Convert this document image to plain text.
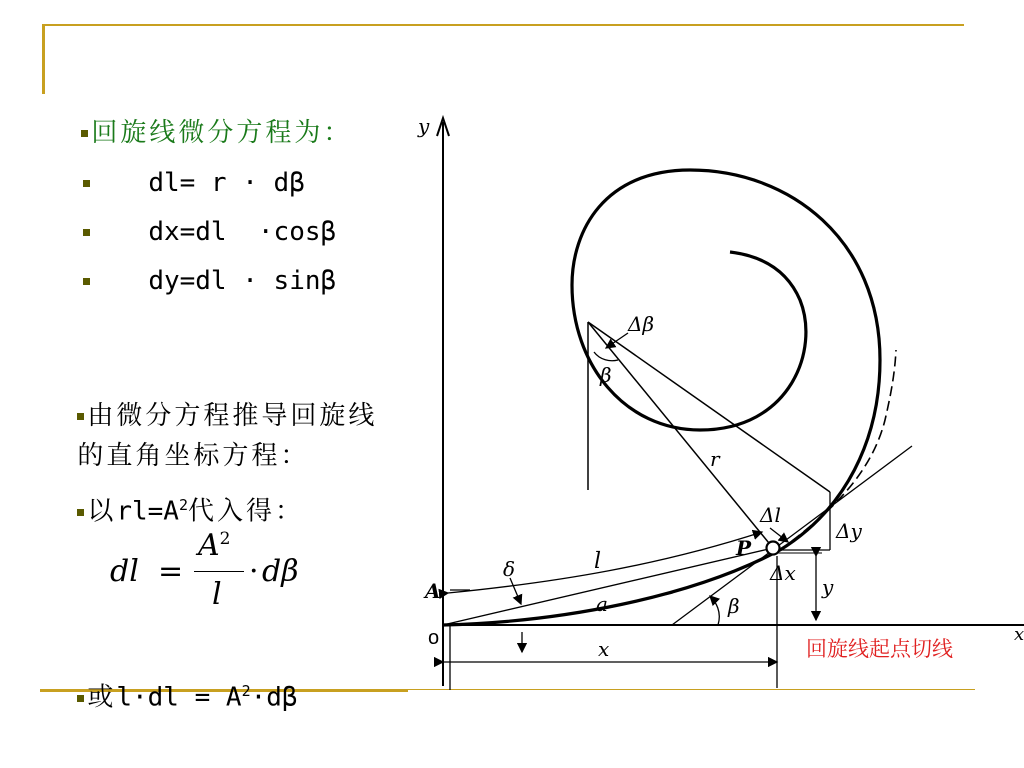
回旋线微分方程为：

dl= r · dβ

dx=dl  ·cosβ

dy=dl · sinβ

由微分方程推导回旋线

的直角坐标方程：

以$rl=A^2$代入得：

dl =
$A^2$
l
· dβ

或$l\cdot dl = A^2\cdot d\beta$

y
x
o
A
Δβ
β
r
Δl
Δy
P
Δx
y
δ	l
a	β
x	回旋线起点切线
